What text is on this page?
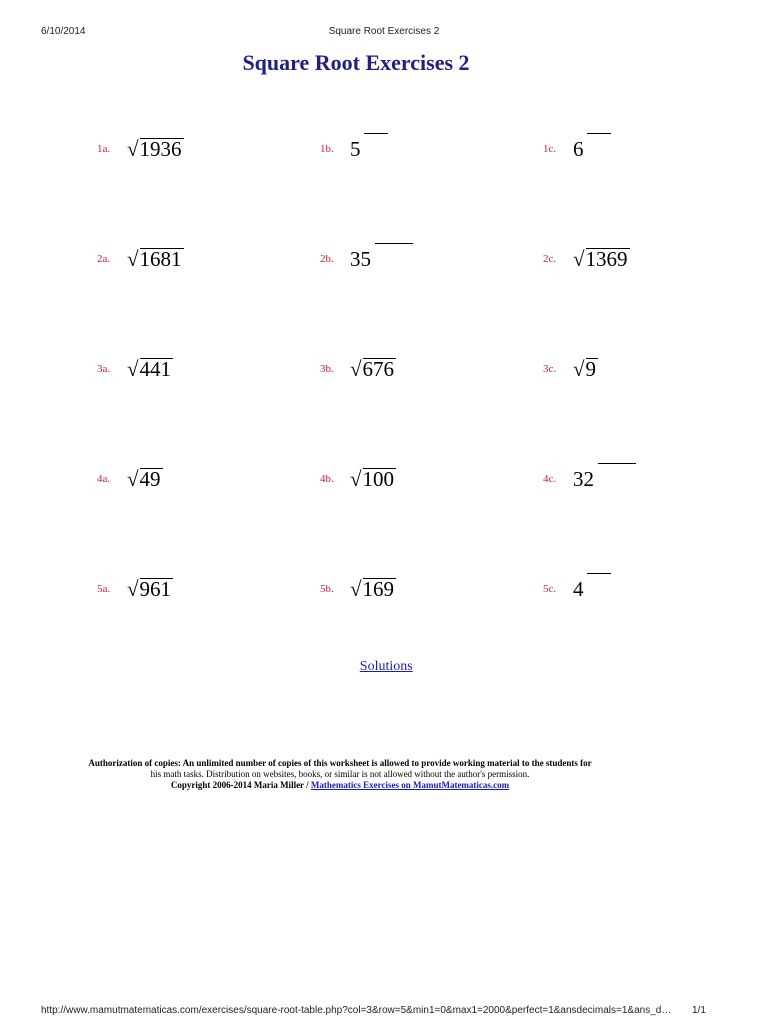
6/10/2014	Square Root Exercises 2
Square Root Exercises 2
1a. √1936	1b. 5	1c. 6
2a. √1681	2b. 35	2c. √1369
3a. √441	3b. √676	3c. √9
4a. √49	4b. √100	4c. 32
5a. √961	5b. √169	5c. 4
Solutions
Authorization of copies: An unlimited number of copies of this worksheet is allowed to provide working material to the students for
his math tasks. Distribution on websites, books, or similar is not allowed without the author's permission.
Copyright 2006-2014 Maria Miller / Mathematics Exercises on MamutMatematicas.com
http://www.mamutmatematicas.com/exercises/square-root-table.php?col=3&row=5&min1=0&max1=2000&perfect=1&ansdecimals=1&ans_d…	1/1
